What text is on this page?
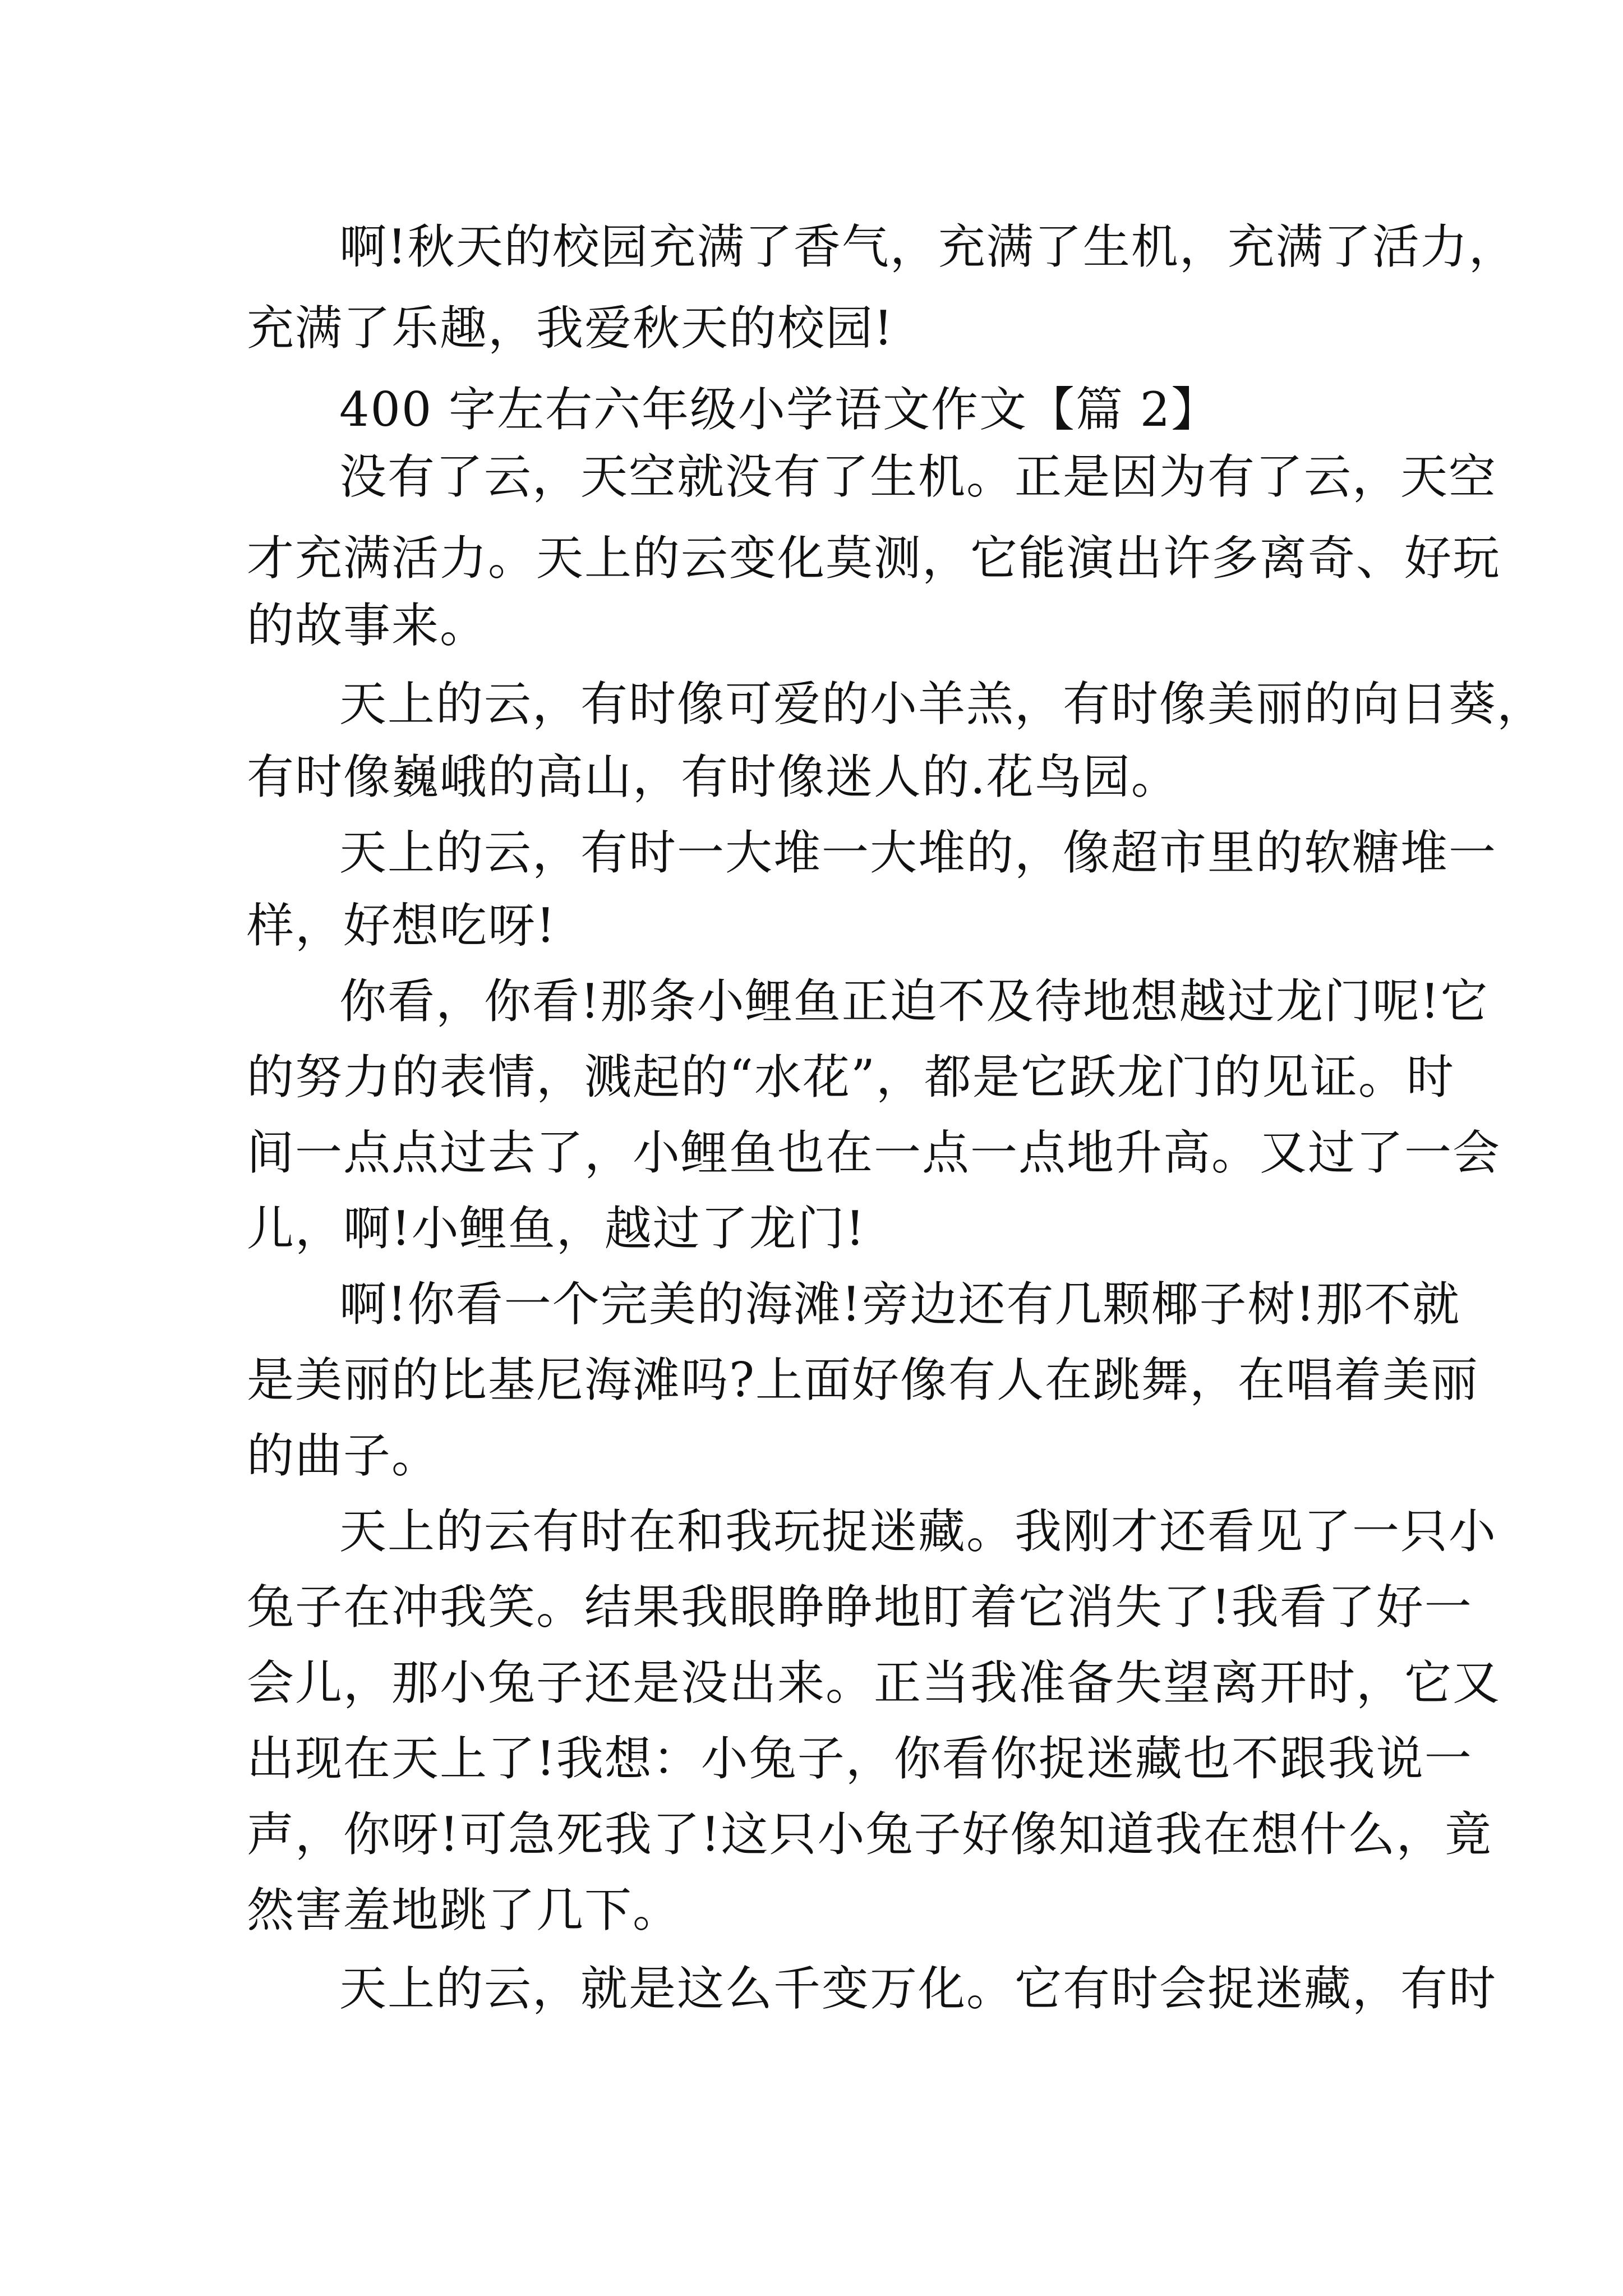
啊!秋天的校园充满了香气，充满了生机，充满了活力，
充满了乐趣，我爱秋天的校园!
400 字左右六年级小学语文作文【篇 2】
没有了云，天空就没有了生机。正是因为有了云，天空
才充满活力。天上的云变化莫测，它能演出许多离奇、好玩
的故事来。
天上的云，有时像可爱的小羊羔，有时像美丽的向日葵，
有时像巍峨的高山，有时像迷人的.花鸟园。
天上的云，有时一大堆一大堆的，像超市里的软糖堆一
样，好想吃呀!
你看，你看!那条小鲤鱼正迫不及待地想越过龙门呢!它
的努力的表情，溅起的“水花”，都是它跃龙门的见证。时
间一点点过去了，小鲤鱼也在一点一点地升高。又过了一会
儿，啊!小鲤鱼，越过了龙门!
啊!你看一个完美的海滩!旁边还有几颗椰子树!那不就
是美丽的比基尼海滩吗?上面好像有人在跳舞，在唱着美丽
的曲子。
天上的云有时在和我玩捉迷藏。我刚才还看见了一只小
兔子在冲我笑。结果我眼睁睁地盯着它消失了!我看了好一
会儿，那小兔子还是没出来。正当我准备失望离开时，它又
出现在天上了!我想：小兔子，你看你捉迷藏也不跟我说一
声，你呀!可急死我了!这只小兔子好像知道我在想什么，竟
然害羞地跳了几下。
天上的云，就是这么千变万化。它有时会捉迷藏，有时
